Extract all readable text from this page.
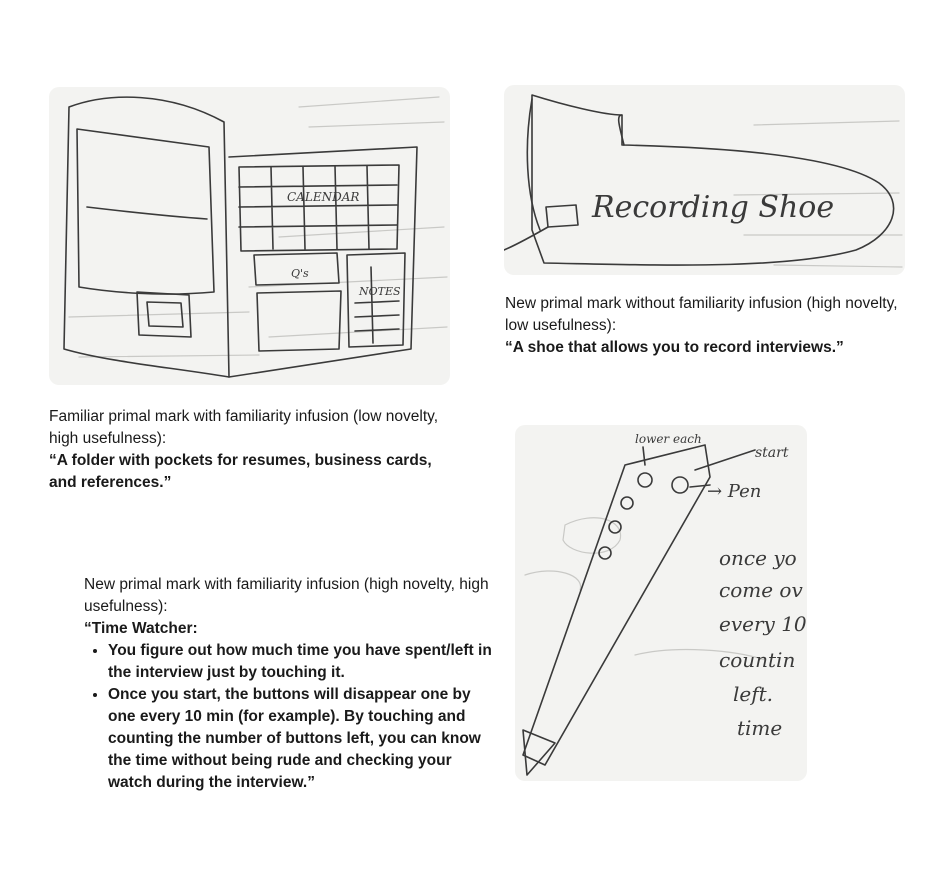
CALENDAR
Q's
NOTES
Recording Shoe
lower each
start
→ Pen
once yo
come ov
every 10
countin
left.
time

New primal mark without familiarity infusion (high novelty, low usefulness):
“A shoe that allows you to record interviews.”

Familiar primal mark with familiarity infusion (low novelty, high usefulness):
“A folder with pockets for resumes, business cards, and references.”

New primal mark with familiarity infusion (high novelty, high usefulness):
“Time Watcher:
• You figure out how much time you have spent/left in the interview just by touching it.
• Once you start, the buttons will disappear one by one every 10 min (for example). By touching and counting the number of buttons left, you can know the time without being rude and checking your watch during the interview.”
